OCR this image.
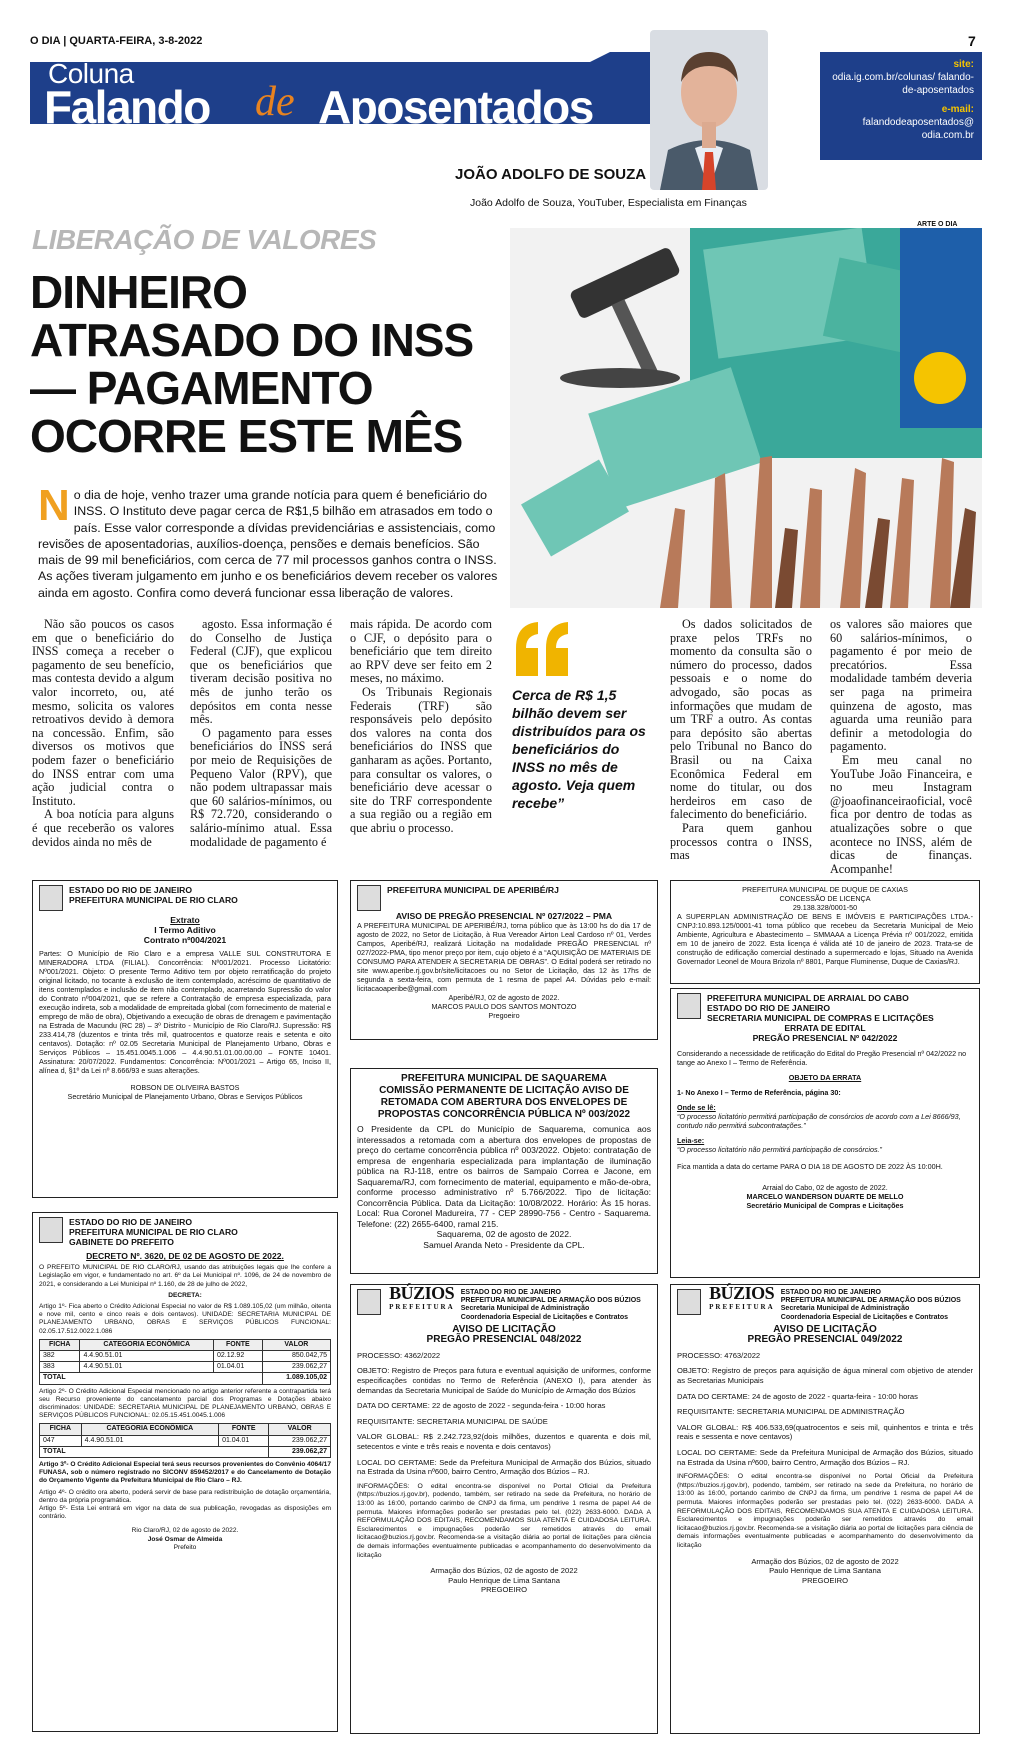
O DIA | QUARTA-FEIRA, 3-8-2022	7
Coluna
Falando de Aposentados
JOÃO ADOLFO DE SOUZA
João Adolfo de Souza, YouTuber, Especialista em Finanças
site:
odia.ig.com.br/colunas/ falando-de-aposentados
e-mail:
falandodeaposentados@ odia.com.br
ARTE O DIA
LIBERAÇÃO DE VALORES
DINHEIRO ATRASADO DO INSS — PAGAMENTO OCORRE ESTE MÊS
N o dia de hoje, venho trazer uma grande notícia para quem é beneficiário do INSS. O Instituto deve pagar cerca de R$1,5 bilhão em atrasados em todo o país. Esse valor corresponde a dívidas previdenciárias e assistenciais, como revisões de aposentadorias, auxílios-doença, pensões e demais benefícios. São mais de 99 mil beneficiários, com cerca de 77 mil processos ganhos contra o INSS. As ações tiveram julgamento em junho e os beneficiários devem receber os valores ainda em agosto. Confira como deverá funcionar essa liberação de valores.

Não são poucos os casos em que o beneficiário do INSS começa a receber o pagamento de seu benefício, mas contesta devido a algum valor incorreto, ou, até mesmo, solicita os valores retroativos devido à demora na concessão. Enfim, são diversos os motivos que podem fazer o beneficiário do INSS entrar com uma ação judicial contra o Instituto.

A boa notícia para alguns é que receberão os valores devidos ainda no mês de

agosto. Essa informação é do Conselho de Justiça Federal (CJF), que explicou que os beneficiários que tiveram decisão positiva no mês de junho terão os depósitos em conta nesse mês.

O pagamento para esses beneficiários do INSS será por meio de Requisições de Pequeno Valor (RPV), que não podem ultrapassar mais que 60 salários-mínimos, ou R$ 72.720, considerando o salário-mínimo atual. Essa modalidade de pagamento é

mais rápida. De acordo com o CJF, o depósito para o beneficiário que tem direito ao RPV deve ser feito em 2 meses, no máximo.

Os Tribunais Regionais Federais (TRF) são responsáveis pelo depósito dos valores na conta dos beneficiários do INSS que ganharam as ações. Portanto, para consultar os valores, o beneficiário deve acessar o site do TRF correspondente a sua região ou a região em que abriu o processo.

Cerca de R$ 1,5 bilhão devem ser distribuídos para os beneficiários do INSS no mês de agosto. Veja quem recebe”

Os dados solicitados de praxe pelos TRFs no momento da consulta são o número do processo, dados pessoais e o nome do advogado, são pocas as informações que mudam de um TRF a outro. As contas para depósito são abertas pelo Tribunal no Banco do Brasil ou na Caixa Econômica Federal em nome do titular, ou dos herdeiros em caso de falecimento do beneficiário.

Para quem ganhou processos contra o INSS, mas

os valores são maiores que 60 salários-mínimos, o pagamento é por meio de precatórios. Essa modalidade também deveria ser paga na primeira quinzena de agosto, mas aguarda uma reunião para definir a metodologia do pagamento.

Em meu canal no YouTube João Financeira, e no meu Instagram @joaofinanceiraoficial, você fica por dentro de todas as atualizações sobre o que acontece no INSS, além de dicas de finanças. Acompanhe!

ESTADO DO RIO DE JANEIRO
PREFEITURA MUNICIPAL DE RIO CLARO
Extrato
I Termo Aditivo
Contrato nº004/2021
Partes: O Município de Rio Claro e a empresa VALLE SUL CONSTRUTORA E MINERADORA LTDA (FILIAL). Concorrência: Nº001/2021. Processo Licitatório: Nº001/2021. Objeto: O presente Termo Aditivo tem por objeto rerratificação do projeto original licitado, no tocante à exclusão de item contemplado, acréscimo de quantitativo de itens contemplados e inclusão de item não contemplado, acarretando Supressão do valor do Contrato nº004/2021, que se refere a Contratação de empresa especializada, para execução indireta, sob a modalidade de empreitada global (com fornecimento de material e emprego de mão de obra), Objetivando a execução de obras de drenagem e pavimentação na Estrada de Macundu (RC 28) – 3º Distrito - Município de Rio Claro/RJ. Supressão: R$ 233.414,78 (duzentos e trinta três mil, quatrocentos e quatorze reais e setenta e oito centavos). Dotação: nº 02.05 Secretaria Municipal de Planejamento Urbano, Obras e Serviços Públicos – 15.451.0045.1.006 – 4.4.90.51.01.00.00.00 – FONTE 10401. Assinatura: 20/07/2022. Fundamentos: Concorrência: Nº001/2021 – Artigo 65, Inciso II, alínea d, §1º da Lei nº 8.666/93 e suas alterações.
ROBSON DE OLIVEIRA BASTOS
Secretário Municipal de Planejamento Urbano, Obras e Serviços Públicos
PREFEITURA MUNICIPAL DE APERIBÉ/RJ
AVISO DE PREGÃO PRESENCIAL Nº 027/2022 – PMA
A PREFEITURA MUNICIPAL DE APERIBÉ/RJ, torna público que às 13:00 hs do dia 17 de agosto de 2022, no Setor de Licitação, à Rua Vereador Airton Leal Cardoso nº 01, Verdes Campos, Aperibé/RJ, realizará Licitação na modalidade PREGÃO PRESENCIAL nº 027/2022-PMA, tipo menor preço por item, cujo objeto é a “AQUISIÇÃO DE MATERIAIS DE CONSUMO PARA ATENDER A SECRETARIA DE OBRAS”. O Edital poderá ser retirado no site www.aperibe.rj.gov.br/site/licitacoes ou no Setor de Licitação, das 12 às 17hs de segunda a sexta-feira, com permuta de 1 resma de papel A4. Dúvidas pelo e-mail: licitacaoaperibe@gmail.com
Aperibé/RJ, 02 de agosto de 2022.
MARCOS PAULO DOS SANTOS MONTOZO
Pregoeiro
PREFEITURA MUNICIPAL DE DUQUE DE CAXIAS
CONCESSÃO DE LICENÇA
29.138.328/0001-50
A SUPERPLAN ADMINISTRAÇÃO DE BENS E IMÓVEIS E PARTICIPAÇÕES LTDA.- CNPJ:10.893.125/0001-41 torna público que recebeu da Secretaria Municipal de Meio Ambiente, Agricultura e Abastecimento – SMMAAA a Licença Prévia nº 001/2022, emitida em 10 de janeiro de 2022. Esta licença é válida até 10 de janeiro de 2023. Trata-se de construção de edificação comercial destinado a supermercado e lojas, Situado na Avenida Governador Leonel de Moura Brizola nº 8801, Parque Fluminense, Duque de Caxias/RJ.
PREFEITURA MUNICIPAL DE ARRAIAL DO CABO
ESTADO DO RIO DE JANEIRO
SECRETARIA MUNICIPAL DE COMPRAS E LICITAÇÕES
ERRATA DE EDITAL
PREGÃO PRESENCIAL Nº 042/2022
Considerando a necessidade de retificação do Edital do Pregão Presencial nº 042/2022 no tange ao Anexo I – Termo de Referência.
OBJETO DA ERRATA
1- No Anexo I – Termo de Referência, página 30:
Onde se lê:
“O processo licitatório permitirá participação de consórcios de acordo com a Lei 8666/93, contudo não permitirá subcontratações.”
Leia-se:
“O processo licitatório não permitirá participação de consórcios.”
Fica mantida a data do certame PARA O DIA 18 DE AGOSTO DE 2022 ÀS 10:00H.
Arraial do Cabo, 02 de agosto de 2022.
MARCELO WANDERSON DUARTE DE MELLO
Secretário Municipal de Compras e Licitações
PREFEITURA MUNICIPAL DE SAQUAREMA
COMISSÃO PERMANENTE DE LICITAÇÃO AVISO DE RETOMADA COM ABERTURA DOS ENVELOPES DE PROPOSTAS CONCORRÊNCIA PÚBLICA Nº 003/2022
O Presidente da CPL do Município de Saquarema, comunica aos interessados a retomada com a abertura dos envelopes de propostas de preço do certame concorrência pública nº 003/2022. Objeto: contratação de empresa de engenharia especializada para implantação de iluminação pública na RJ-118, entre os bairros de Sampaio Correa e Jacone, em Saquarema/RJ, com fornecimento de material, equipamento e mão-de-obra, conforme processo administrativo nº 5.766/2022. Tipo de licitação: Concorrência Pública. Data da Licitação: 10/08/2022. Horário: Às 15 horas. Local: Rua Coronel Madureira, 77 - CEP 28990-756 - Centro - Saquarema. Telefone: (22) 2655-6400, ramal 215.
Saquarema, 02 de agosto de 2022.
Samuel Aranda Neto - Presidente da CPL.
ESTADO DO RIO DE JANEIRO
PREFEITURA MUNICIPAL DE RIO CLARO
GABINETE DO PREFEITO
DECRETO Nº. 3620, DE 02 DE AGOSTO DE 2022.
O PREFEITO MUNICIPAL DE RIO CLARO/RJ, usando das atribuições legais que lhe confere a Legislação em vigor, e fundamentado no art. 6º da Lei Municipal nº. 1096, de 24 de novembro de 2021, e considerando a Lei Municipal nº 1.160, de 28 de julho de 2022,
DECRETA:
Artigo 1º- Fica aberto o Crédito Adicional Especial no valor de R$ 1.089.105,02 (um milhão, oitenta e nove mil, cento e cinco reais e dois centavos). UNIDADE: SECRETARIA MUNICIPAL DE PLANEJAMENTO URBANO, OBRAS E SERVIÇOS PÚBLICOS FUNCIONAL: 02.05.17.512.0022.1.086
FICHA	CATEGORIA ECONÔMICA	FONTE	VALOR
382	4.4.90.51.01	02.12.92	850.042,75
383	4.4.90.51.01	01.04.01	239.062,27
TOTAL			1.089.105,02
Artigo 2º- O Crédito Adicional Especial mencionado no artigo anterior referente a contrapartida terá seu Recurso proveniente do cancelamento parcial dos Programas e Dotações abaixo discriminados: UNIDADE: SECRETARIA MUNICIPAL DE PLANEJAMENTO URBANO, OBRAS E SERVIÇOS PÚBLICOS FUNCIONAL: 02.05.15.451.0045.1.006
FICHA	CATEGORIA ECONÔMICA	FONTE	VALOR
047	4.4.90.51.01	01.04.01	239.062,27
TOTAL			239.062,27
Artigo 3º- O Crédito Adicional Especial terá seus recursos provenientes do Convênio 4064/17 FUNASA, sob o número registrado no SICONV 859452/2017 e do Cancelamento de Dotação do Orçamento Vigente da Prefeitura Municipal de Rio Claro – RJ.
Artigo 4º- O crédito ora aberto, poderá servir de base para redistribuição de dotação orçamentária, dentro da própria programática.
Artigo 5º- Esta Lei entrará em vigor na data de sua publicação, revogadas as disposições em contrário.
Rio Claro/RJ, 02 de agosto de 2022.
José Osmar de Almeida
Prefeito
BÚZIOS
PREFEITURA ESTADO DO RIO DE JANEIRO
PREFEITURA MUNICIPAL DE ARMAÇÃO DOS BÚZIOS
Secretaria Municipal de Administração
Coordenadoria Especial de Licitações e Contratos
AVISO DE LICITAÇÃO
PREGÃO PRESENCIAL 048/2022
PROCESSO: 4362/2022
OBJETO: Registro de Preços para futura e eventual aquisição de uniformes, conforme especificações contidas no Termo de Referência (ANEXO I), para atender às demandas da Secretaria Municipal de Saúde do Município de Armação dos Búzios
DATA DO CERTAME: 22 de agosto de 2022 - segunda-feira - 10:00 horas
REQUISITANTE: SECRETARIA MUNICIPAL DE SAÚDE
VALOR GLOBAL: R$ 2.242.723,92(dois milhões, duzentos e quarenta e dois mil, setecentos e vinte e três reais e noventa e dois centavos)
LOCAL DO CERTAME: Sede da Prefeitura Municipal de Armação dos Búzios, situado na Estrada da Usina nº600, bairro Centro, Armação dos Búzios – RJ.
INFORMAÇÕES: O edital encontra-se disponível no Portal Oficial da Prefeitura (https://buzios.rj.gov.br), podendo, também, ser retirado na sede da Prefeitura, no horário de 13:00 às 16:00, portando carimbo de CNPJ da firma, um pendrive 1 resma de papel A4 de permuta. Maiores informações poderão ser prestadas pelo tel. (022) 2633-6000. DADA A REFORMULAÇÃO DOS EDITAIS, RECOMENDAMOS SUA ATENTA E CUIDADOSA LEITURA. Esclarecimentos e impugnações poderão ser remetidos através do email licitacao@buzios.rj.gov.br. Recomenda-se a visitação diária ao portal de licitações para ciência de demais informações eventualmente publicadas e acompanhamento do desenvolvimento da licitação
Armação dos Búzios, 02 de agosto de 2022
Paulo Henrique de Lima Santana
PREGOEIRO
BÚZIOS
PREFEITURA ESTADO DO RIO DE JANEIRO
PREFEITURA MUNICIPAL DE ARMAÇÃO DOS BÚZIOS
Secretaria Municipal de Administração
Coordenadoria Especial de Licitações e Contratos
AVISO DE LICITAÇÃO
PREGÃO PRESENCIAL 049/2022
PROCESSO: 4763/2022
OBJETO: Registro de preços para aquisição de água mineral com objetivo de atender as Secretarias Municipais
DATA DO CERTAME: 24 de agosto de 2022 - quarta-feira - 10:00 horas
REQUISITANTE: SECRETARIA MUNICIPAL DE ADMINISTRAÇÃO
VALOR GLOBAL: R$ 406.533,69(quatrocentos e seis mil, quinhentos e trinta e três reais e sessenta e nove centavos)
LOCAL DO CERTAME: Sede da Prefeitura Municipal de Armação dos Búzios, situado na Estrada da Usina nº600, bairro Centro, Armação dos Búzios – RJ.
INFORMAÇÕES: O edital encontra-se disponível no Portal Oficial da Prefeitura (https://buzios.rj.gov.br), podendo, também, ser retirado na sede da Prefeitura, no horário de 13:00 às 16:00, portando carimbo de CNPJ da firma, um pendrive 1 resma de papel A4 de permuta. Maiores informações poderão ser prestadas pelo tel. (022) 2633-6000. DADA A REFORMULAÇÃO DOS EDITAIS, RECOMENDAMOS SUA ATENTA E CUIDADOSA LEITURA. Esclarecimentos e impugnações poderão ser remetidos através do email licitacao@buzios.rj.gov.br. Recomenda-se a visitação diária ao portal de licitações para ciência de demais informações eventualmente publicadas e acompanhamento do desenvolvimento da licitação
Armação dos Búzios, 02 de agosto de 2022
Paulo Henrique de Lima Santana
PREGOEIRO
